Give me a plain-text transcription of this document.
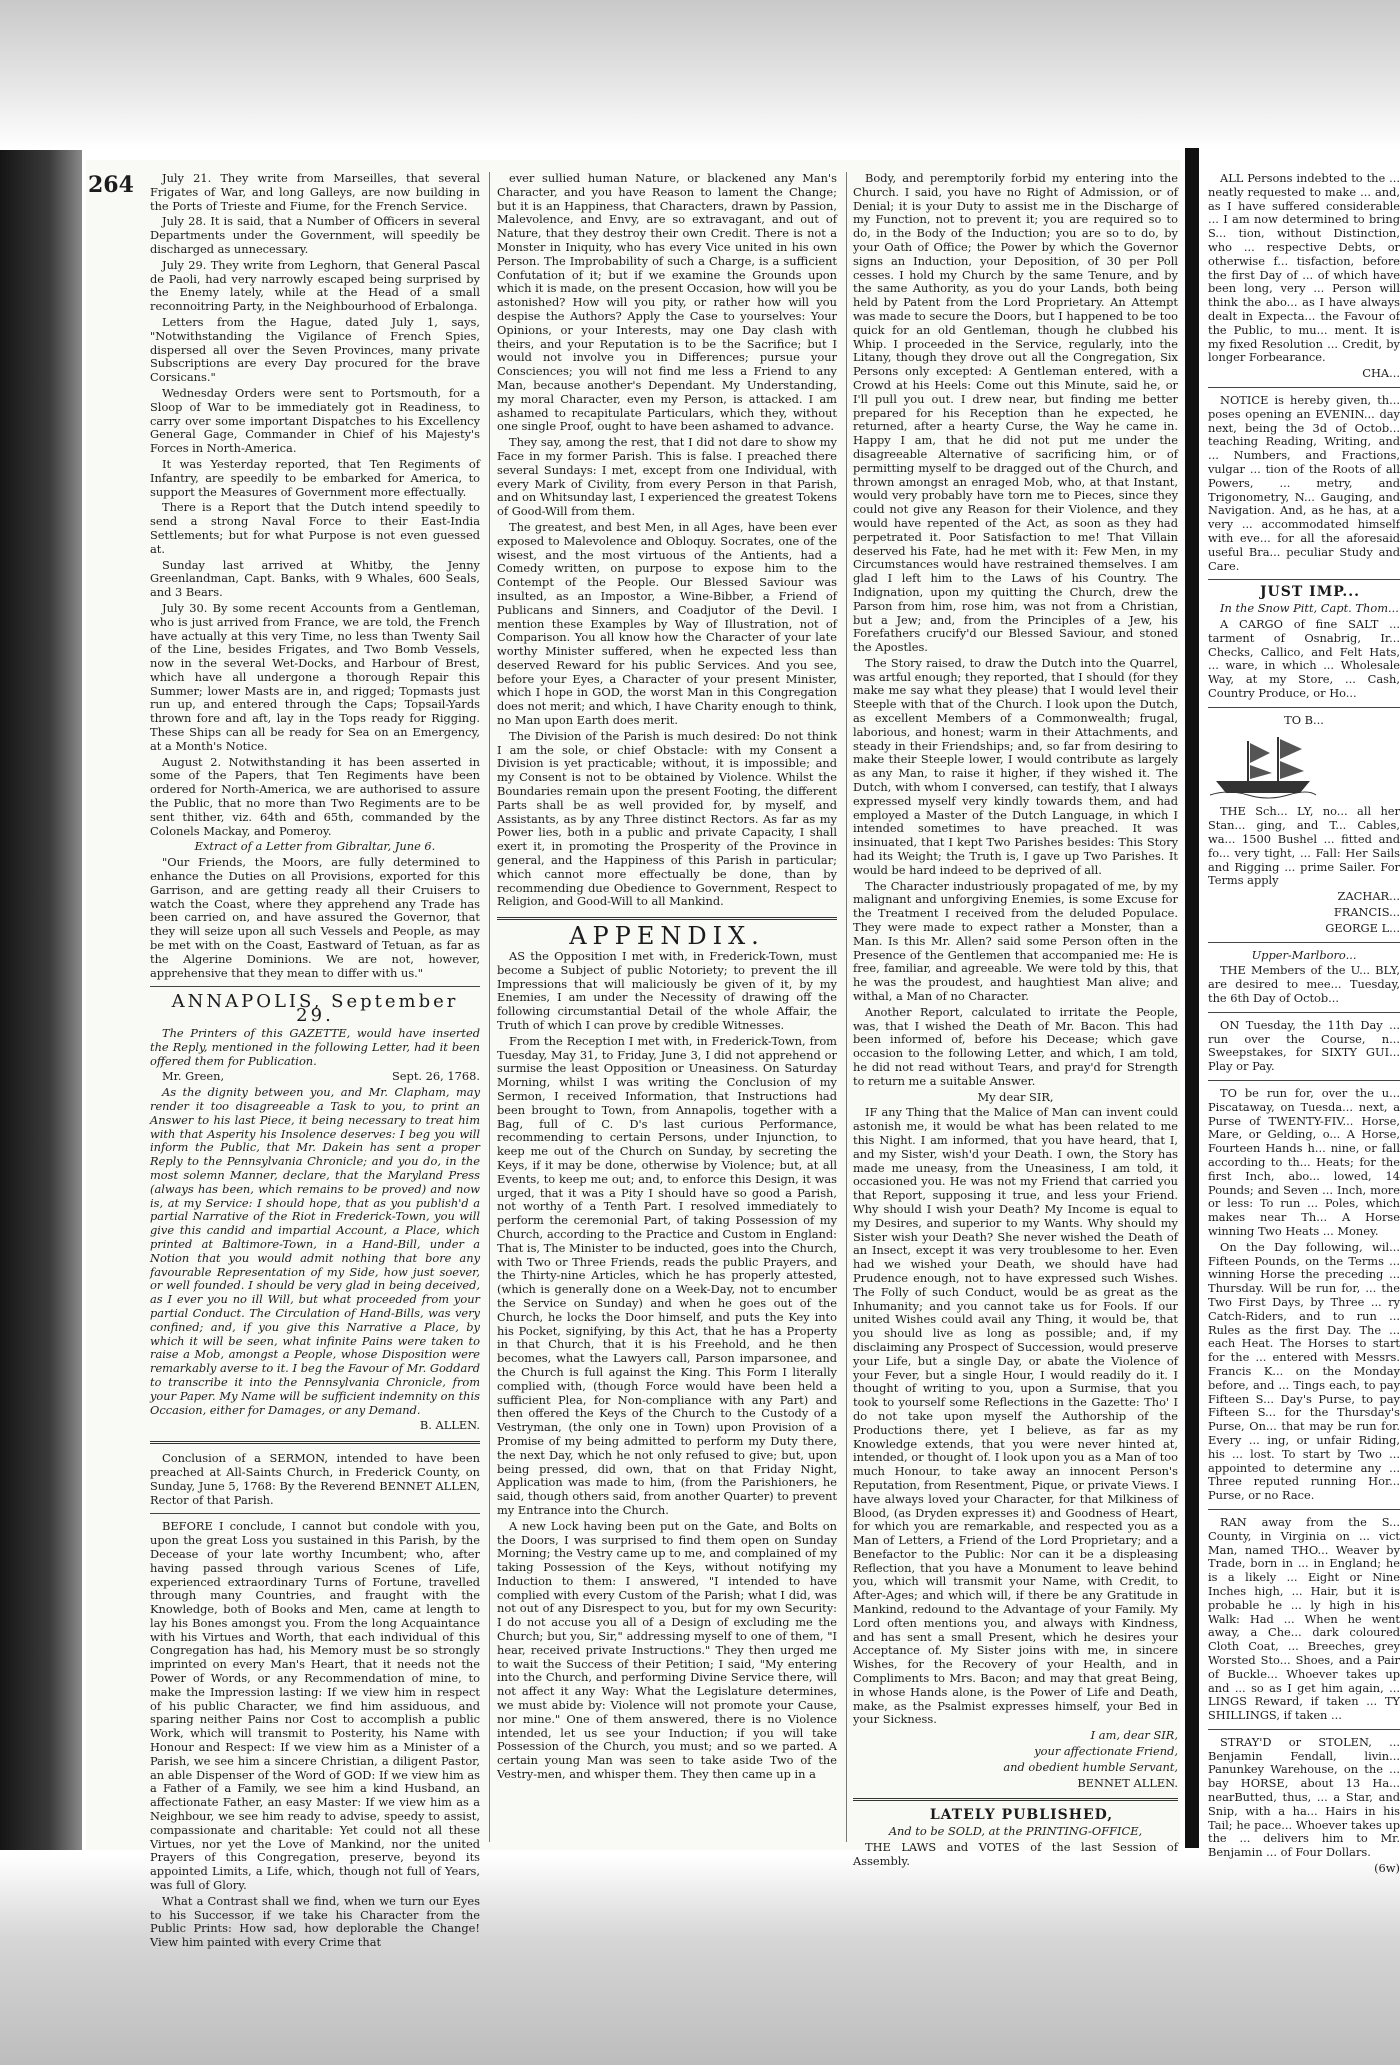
264	July 21. They write from Marseilles, that several Frigates of War, and long Galleys, are now building in the Ports of Trieste and Fiume, for the French Service.

July 28. It is said, that a Number of Officers in several Departments under the Government, will speedily be discharged as unnecessary.

July 29. They write from Leghorn, that General Pascal de Paoli, had very narrowly escaped being surprised by the Enemy lately, while at the Head of a small reconnoitring Party, in the Neighbourhood of Erbalonga.

Letters from the Hague, dated July 1, says, "Notwithstanding the Vigilance of French Spies, dispersed all over the Seven Provinces, many private Subscriptions are every Day procured for the brave Corsicans."

Wednesday Orders were sent to Portsmouth, for a Sloop of War to be immediately got in Readiness, to carry over some important Dispatches to his Excellency General Gage, Commander in Chief of his Majesty's Forces in North-America.

It was Yesterday reported, that Ten Regiments of Infantry, are speedily to be embarked for America, to support the Measures of Government more effectually.

There is a Report that the Dutch intend speedily to send a strong Naval Force to their East-India Settlements; but for what Purpose is not even guessed at.

Sunday last arrived at Whitby, the Jenny Greenlandman, Capt. Banks, with 9 Whales, 600 Seals, and 3 Bears.

July 30. By some recent Accounts from a Gentleman, who is just arrived from France, we are told, the French have actually at this very Time, no less than Twenty Sail of the Line, besides Frigates, and Two Bomb Vessels, now in the several Wet-Docks, and Harbour of Brest, which have all undergone a thorough Repair this Summer; lower Masts are in, and rigged; Topmasts just run up, and entered through the Caps; Topsail-Yards thrown fore and aft, lay in the Tops ready for Rigging. These Ships can all be ready for Sea on an Emergency, at a Month's Notice.

August 2. Notwithstanding it has been asserted in some of the Papers, that Ten Regiments have been ordered for North-America, we are authorised to assure the Public, that no more than Two Regiments are to be sent thither, viz. 64th and 65th, commanded by the Colonels Mackay, and Pomeroy.

Extract of a Letter from Gibraltar, June 6.

"Our Friends, the Moors, are fully determined to enhance the Duties on all Provisions, exported for this Garrison, and are getting ready all their Cruisers to watch the Coast, where they apprehend any Trade has been carried on, and have assured the Governor, that they will seize upon all such Vessels and People, as may be met with on the Coast, Eastward of Tetuan, as far as the Algerine Dominions. We are not, however, apprehensive that they mean to differ with us."

ANNAPOLIS, September 29.

The Printers of this GAZETTE, would have inserted the Reply, mentioned in the following Letter, had it been offered them for Publication.

Mr. Green,	Sept. 26, 1768.

As the dignity between you, and Mr. Clapham, may render it too disagreeable a Task to you, to print an Answer to his last Piece, it being necessary to treat him with that Asperity his Insolence deserves: I beg you will inform the Public, that Mr. Dakein has sent a proper Reply to the Pennsylvania Chronicle; and you do, in the most solemn Manner, declare, that the Maryland Press (always has been, which remains to be proved) and now is, at my Service: I should hope, that as you publish'd a partial Narrative of the Riot in Frederick-Town, you will give this candid and impartial Account, a Place, which printed at Baltimore-Town, in a Hand-Bill, under a Notion that you would admit nothing that bore any favourable Representation of my Side, how just soever, or well founded. I should be very glad in being deceived, as I ever you no ill Will, but what proceeded from your partial Conduct. The Circulation of Hand-Bills, was very confined; and, if you give this Narrative a Place, by which it will be seen, what infinite Pains were taken to raise a Mob, amongst a People, whose Disposition were remarkably averse to it. I beg the Favour of Mr. Goddard to transcribe it into the Pennsylvania Chronicle, from your Paper. My Name will be sufficient indemnity on this Occasion, either for Damages, or any Demand.

B. ALLEN.

Conclusion of a SERMON, intended to have been preached at All-Saints Church, in Frederick County, on Sunday, June 5, 1768: By the Reverend BENNET ALLEN, Rector of that Parish.

BEFORE I conclude, I cannot but condole with you, upon the great Loss you sustained in this Parish, by the Decease of your late worthy Incumbent; who, after having passed through various Scenes of Life, experienced extraordinary Turns of Fortune, travelled through many Countries, and fraught with the Knowledge, both of Books and Men, came at length to lay his Bones amongst you. From the long Acquaintance with his Virtues and Worth, that each individual of this Congregation has had, his Memory must be so strongly imprinted on every Man's Heart, that it needs not the Power of Words, or any Recommendation of mine, to make the Impression lasting: If we view him in respect of his public Character, we find him assiduous, and sparing neither Pains nor Cost to accomplish a public Work, which will transmit to Posterity, his Name with Honour and Respect: If we view him as a Minister of a Parish, we see him a sincere Christian, a diligent Pastor, an able Dispenser of the Word of GOD: If we view him as a Father of a Family, we see him a kind Husband, an affectionate Father, an easy Master: If we view him as a Neighbour, we see him ready to advise, speedy to assist, compassionate and charitable: Yet could not all these Virtues, nor yet the Love of Mankind, nor the united Prayers of this Congregation, preserve, beyond its appointed Limits, a Life, which, though not full of Years, was full of Glory.

What a Contrast shall we find, when we turn our Eyes to his Successor, if we take his Character from the Public Prints: How sad, how deplorable the Change! View him painted with every Crime that

ever sullied human Nature, or blackened any Man's Character, and you have Reason to lament the Change; but it is an Happiness, that Characters, drawn by Passion, Malevolence, and Envy, are so extravagant, and out of Nature, that they destroy their own Credit. There is not a Monster in Iniquity, who has every Vice united in his own Person. The Improbability of such a Charge, is a sufficient Confutation of it; but if we examine the Grounds upon which it is made, on the present Occasion, how will you be astonished? How will you pity, or rather how will you despise the Authors? Apply the Case to yourselves: Your Opinions, or your Interests, may one Day clash with theirs, and your Reputation is to be the Sacrifice; but I would not involve you in Differences; pursue your Consciences; you will not find me less a Friend to any Man, because another's Dependant. My Understanding, my moral Character, even my Person, is attacked. I am ashamed to recapitulate Particulars, which they, without one single Proof, ought to have been ashamed to advance.

They say, among the rest, that I did not dare to show my Face in my former Parish. This is false. I preached there several Sundays: I met, except from one Individual, with every Mark of Civility, from every Person in that Parish, and on Whitsunday last, I experienced the greatest Tokens of Good-Will from them.

The greatest, and best Men, in all Ages, have been ever exposed to Malevolence and Obloquy. Socrates, one of the wisest, and the most virtuous of the Antients, had a Comedy written, on purpose to expose him to the Contempt of the People. Our Blessed Saviour was insulted, as an Impostor, a Wine-Bibber, a Friend of Publicans and Sinners, and Coadjutor of the Devil. I mention these Examples by Way of Illustration, not of Comparison. You all know how the Character of your late worthy Minister suffered, when he expected less than deserved Reward for his public Services. And you see, before your Eyes, a Character of your present Minister, which I hope in GOD, the worst Man in this Congregation does not merit; and which, I have Charity enough to think, no Man upon Earth does merit.

The Division of the Parish is much desired: Do not think I am the sole, or chief Obstacle: with my Consent a Division is yet practicable; without, it is impossible; and my Consent is not to be obtained by Violence. Whilst the Boundaries remain upon the present Footing, the different Parts shall be as well provided for, by myself, and Assistants, as by any Three distinct Rectors. As far as my Power lies, both in a public and private Capacity, I shall exert it, in promoting the Prosperity of the Province in general, and the Happiness of this Parish in particular; which cannot more effectually be done, than by recommending due Obedience to Government, Respect to Religion, and Good-Will to all Mankind.

APPENDIX.

AS the Opposition I met with, in Frederick-Town, must become a Subject of public Notoriety; to prevent the ill Impressions that will maliciously be given of it, by my Enemies, I am under the Necessity of drawing off the following circumstantial Detail of the whole Affair, the Truth of which I can prove by credible Witnesses.

From the Reception I met with, in Frederick-Town, from Tuesday, May 31, to Friday, June 3, I did not apprehend or surmise the least Opposition or Uneasiness. On Saturday Morning, whilst I was writing the Conclusion of my Sermon, I received Information, that Instructions had been brought to Town, from Annapolis, together with a Bag, full of C. D's last curious Performance, recommending to certain Persons, under Injunction, to keep me out of the Church on Sunday, by secreting the Keys, if it may be done, otherwise by Violence; but, at all Events, to keep me out; and, to enforce this Design, it was urged, that it was a Pity I should have so good a Parish, not worthy of a Tenth Part. I resolved immediately to perform the ceremonial Part, of taking Possession of my Church, according to the Practice and Custom in England: That is, The Minister to be inducted, goes into the Church, with Two or Three Friends, reads the public Prayers, and the Thirty-nine Articles, which he has properly attested, (which is generally done on a Week-Day, not to encumber the Service on Sunday) and when he goes out of the Church, he locks the Door himself, and puts the Key into his Pocket, signifying, by this Act, that he has a Property in that Church, that it is his Freehold, and he then becomes, what the Lawyers call, Parson imparsonee, and the Church is full against the King. This Form I literally complied with, (though Force would have been held a sufficient Plea, for Non-compliance with any Part) and then offered the Keys of the Church to the Custody of a Vestryman, (the only one in Town) upon Provision of a Promise of my being admitted to perform my Duty there, the next Day, which he not only refused to give; but, upon being pressed, did own, that on that Friday Night, Application was made to him, (from the Parishioners, he said, though others said, from another Quarter) to prevent my Entrance into the Church.

A new Lock having been put on the Gate, and Bolts on the Doors, I was surprised to find them open on Sunday Morning; the Vestry came up to me, and complained of my taking Possession of the Keys, without notifying my Induction to them: I answered, "I intended to have complied with every Custom of the Parish; what I did, was not out of any Disrespect to you, but for my own Security: I do not accuse you all of a Design of excluding me the Church; but you, Sir," addressing myself to one of them, "I hear, received private Instructions." They then urged me to wait the Success of their Petition; I said, "My entering into the Church, and performing Divine Service there, will not affect it any Way: What the Legislature determines, we must abide by: Violence will not promote your Cause, nor mine." One of them answered, there is no Violence intended, let us see your Induction; if you will take Possession of the Church, you must; and so we parted. A certain young Man was seen to take aside Two of the Vestry-men, and whisper them. They then came up in a

Body, and peremptorily forbid my entering into the Church. I said, you have no Right of Admission, or of Denial; it is your Duty to assist me in the Discharge of my Function, not to prevent it; you are required so to do, in the Body of the Induction; you are so to do, by your Oath of Office; the Power by which the Governor signs an Induction, your Deposition, of 30 per Poll cesses. I hold my Church by the same Tenure, and by the same Authority, as you do your Lands, both being held by Patent from the Lord Proprietary. An Attempt was made to secure the Doors, but I happened to be too quick for an old Gentleman, though he clubbed his Whip. I proceeded in the Service, regularly, into the Litany, though they drove out all the Congregation, Six Persons only excepted: A Gentleman entered, with a Crowd at his Heels: Come out this Minute, said he, or I'll pull you out. I drew near, but finding me better prepared for his Reception than he expected, he returned, after a hearty Curse, the Way he came in. Happy I am, that he did not put me under the disagreeable Alternative of sacrificing him, or of permitting myself to be dragged out of the Church, and thrown amongst an enraged Mob, who, at that Instant, would very probably have torn me to Pieces, since they could not give any Reason for their Violence, and they would have repented of the Act, as soon as they had perpetrated it. Poor Satisfaction to me! That Villain deserved his Fate, had he met with it: Few Men, in my Circumstances would have restrained themselves. I am glad I left him to the Laws of his Country. The Indignation, upon my quitting the Church, drew the Parson from him, rose him, was not from a Christian, but a Jew; and, from the Principles of a Jew, his Forefathers crucify'd our Blessed Saviour, and stoned the Apostles.

The Story raised, to draw the Dutch into the Quarrel, was artful enough; they reported, that I should (for they make me say what they please) that I would level their Steeple with that of the Church. I look upon the Dutch, as excellent Members of a Commonwealth; frugal, laborious, and honest; warm in their Attachments, and steady in their Friendships; and, so far from desiring to make their Steeple lower, I would contribute as largely as any Man, to raise it higher, if they wished it. The Dutch, with whom I conversed, can testify, that I always expressed myself very kindly towards them, and had employed a Master of the Dutch Language, in which I intended sometimes to have preached. It was insinuated, that I kept Two Parishes besides: This Story had its Weight; the Truth is, I gave up Two Parishes. It would be hard indeed to be deprived of all.

The Character industriously propagated of me, by my malignant and unforgiving Enemies, is some Excuse for the Treatment I received from the deluded Populace. They were made to expect rather a Monster, than a Man. Is this Mr. Allen? said some Person often in the Presence of the Gentlemen that accompanied me: He is free, familiar, and agreeable. We were told by this, that he was the proudest, and haughtiest Man alive; and withal, a Man of no Character.

Another Report, calculated to irritate the People, was, that I wished the Death of Mr. Bacon. This had been informed of, before his Decease; which gave occasion to the following Letter, and which, I am told, he did not read without Tears, and pray'd for Strength to return me a suitable Answer.

My dear SIR,

IF any Thing that the Malice of Man can invent could astonish me, it would be what has been related to me this Night. I am informed, that you have heard, that I, and my Sister, wish'd your Death. I own, the Story has made me uneasy, from the Uneasiness, I am told, it occasioned you. He was not my Friend that carried you that Report, supposing it true, and less your Friend. Why should I wish your Death? My Income is equal to my Desires, and superior to my Wants. Why should my Sister wish your Death? She never wished the Death of an Insect, except it was very troublesome to her. Even had we wished your Death, we should have had Prudence enough, not to have expressed such Wishes. The Folly of such Conduct, would be as great as the Inhumanity; and you cannot take us for Fools. If our united Wishes could avail any Thing, it would be, that you should live as long as possible; and, if my disclaiming any Prospect of Succession, would preserve your Life, but a single Day, or abate the Violence of your Fever, but a single Hour, I would readily do it. I thought of writing to you, upon a Surmise, that you took to yourself some Reflections in the Gazette: Tho' I do not take upon myself the Authorship of the Productions there, yet I believe, as far as my Knowledge extends, that you were never hinted at, intended, or thought of. I look upon you as a Man of too much Honour, to take away an innocent Person's Reputation, from Resentment, Pique, or private Views. I have always loved your Character, for that Milkiness of Blood, (as Dryden expresses it) and Goodness of Heart, for which you are remarkable, and respected you as a Man of Letters, a Friend of the Lord Proprietary; and a Benefactor to the Public: Nor can it be a displeasing Reflection, that you have a Monument to leave behind you, which will transmit your Name, with Credit, to After-Ages; and which will, if there be any Gratitude in Mankind, redound to the Advantage of your Family. My Lord often mentions you, and always with Kindness, and has sent a small Present, which he desires your Acceptance of. My Sister joins with me, in sincere Wishes, for the Recovery of your Health, and in Compliments to Mrs. Bacon; and may that great Being, in whose Hands alone, is the Power of Life and Death, make, as the Psalmist expresses himself, your Bed in your Sickness.

I am, dear SIR,

your affectionate Friend,

and obedient humble Servant,

BENNET ALLEN.

LATELY PUBLISHED,

And to be SOLD, at the PRINTING-OFFICE,

THE LAWS and VOTES of the last Session of Assembly.

ALL Persons indebted to the ... neatly requested to make ... and, as I have suffered considerable ... I am now determined to bring S... tion, without Distinction, who ... respective Debts, or otherwise f... tisfaction, before the first Day of ... of which have been long, very ... Person will think the abo... as I have always dealt in Expecta... the Favour of the Public, to mu... ment. It is my fixed Resolution ... Credit, by longer Forbearance.

CHA...

NOTICE is hereby given, th... poses opening an EVENIN... day next, being the 3d of Octob... teaching Reading, Writing, and ... Numbers, and Fractions, vulgar ... tion of the Roots of all Powers, ... metry, and Trigonometry, N... Gauging, and Navigation. And, as he has, at a very ... accommodated himself with eve... for all the aforesaid useful Bra... peculiar Study and Care.

JUST IMP...

In the Snow Pitt, Capt. Thom...

A CARGO of fine SALT ... tarment of Osnabrig, Ir... Checks, Callico, and Felt Hats, ... ware, in which ... Wholesale Way, at my Store, ... Cash, Country Produce, or Ho...

TO B...

THE Sch... LY, no... all her Stan... ging, and T... Cables, wa... 1500 Bushel ... fitted and fo... very tight, ... Fall: Her Sails and Rigging ... prime Sailer. For Terms apply

ZACHAR...

FRANCIS...

GEORGE L...

Upper-Marlboro...

THE Members of the U... BLY, are desired to mee... Tuesday, the 6th Day of Octob...

ON Tuesday, the 11th Day ... run over the Course, n... Sweepstakes, for SIXTY GUI... Play or Pay.

TO be run for, over the u... Piscataway, on Tuesda... next, a Purse of TWENTY-FIV... Horse, Mare, or Gelding, o... A Horse, Fourteen Hands h... nine, or fall according to th... Heats; for the first Inch, abo... lowed, 14 Pounds; and Seven ... Inch, more or less: To run ... Poles, which makes near Th... A Horse winning Two Heats ... Money.

On the Day following, wil... Fifteen Pounds, on the Terms ... winning Horse the preceding ... Thursday. Will be run for, ... the Two First Days, by Three ... ry Catch-Riders, and to run ... Rules as the first Day. The ... each Heat. The Horses to start for the ... entered with Messrs. Francis K... on the Monday before, and ... Tings each, to pay Fifteen S... Day's Purse, to pay Fifteen S... for the Thursday's Purse, On... that may be run for. Every ... ing, or unfair Riding, his ... lost. To start by Two ... appointed to determine any ... Three reputed running Hor... Purse, or no Race.

RAN away from the S... County, in Virginia on ... vict Man, named THO... Weaver by Trade, born in ... in England; he is a likely ... Eight or Nine Inches high, ... Hair, but it is probable he ... ly high in his Walk: Had ... When he went away, a Che... dark coloured Cloth Coat, ... Breeches, grey Worsted Sto... Shoes, and a Pair of Buckle... Whoever takes up and ... so as I get him again, ... LINGS Reward, if taken ... TY SHILLINGS, if taken ...

STRAY'D or STOLEN, ... Benjamin Fendall, livin... Panunkey Warehouse, on the ... bay HORSE, about 13 Ha... nearButted, thus, ... a Star, and Snip, with a ha... Hairs in his Tail; he pace... Whoever takes up the ... delivers him to Mr. Benjamin ... of Four Dollars.

(6w)
